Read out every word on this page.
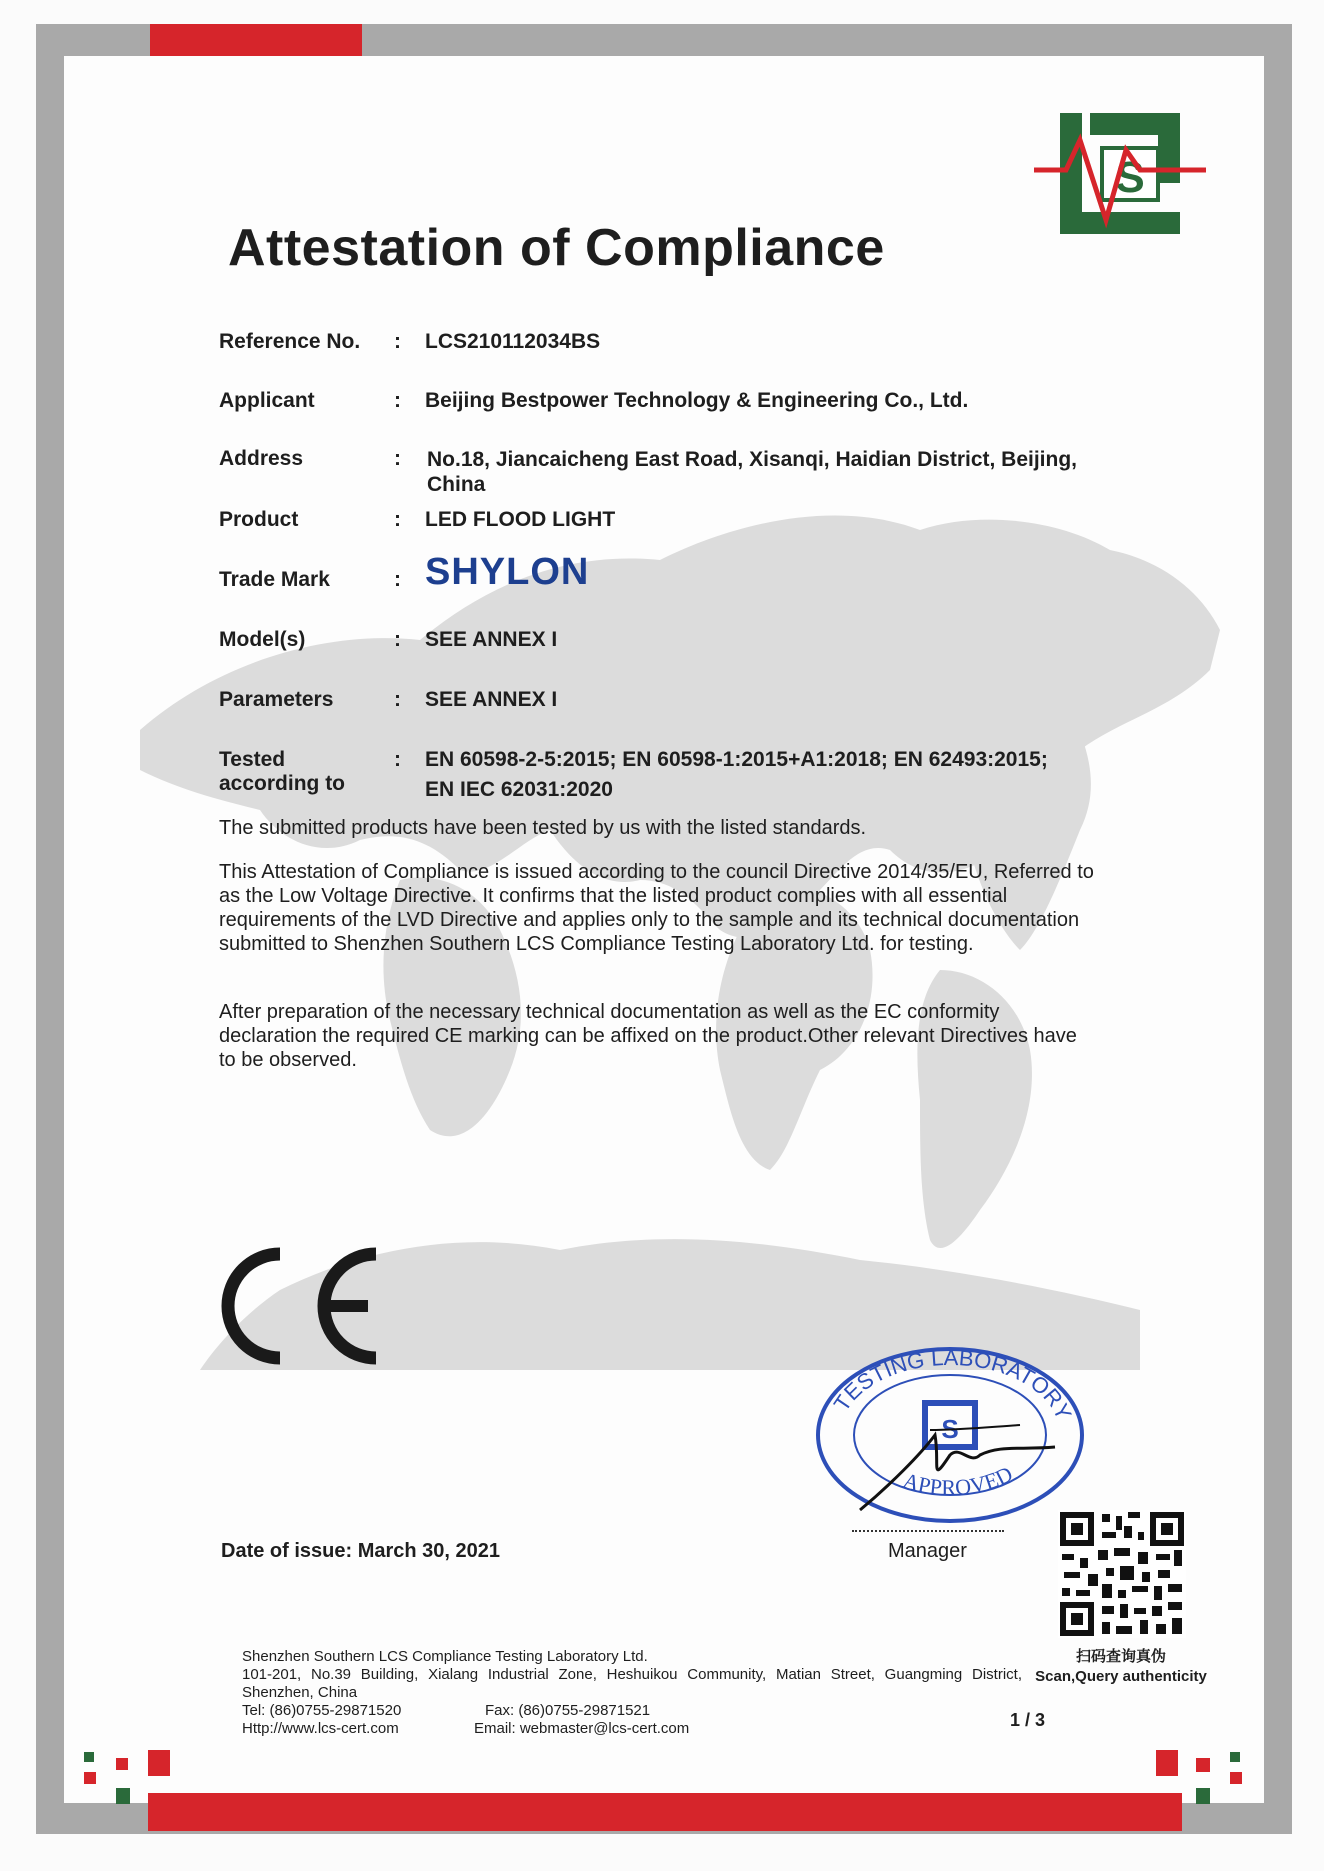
S
Attestation of Compliance
Reference No.	: LCS210112034BS
Applicant	: Beijing Bestpower Technology & Engineering Co., Ltd.
Address	: No.18, Jiancaicheng East Road, Xisanqi, Haidian District, Beijing, China
Product	: LED FLOOD LIGHT
Trade Mark	: SHYLON
Model(s)	: SEE ANNEX I
Parameters	: SEE ANNEX I
Tested according to
: EN 60598-2-5:2015; EN 60598-1:2015+A1:2018; EN 62493:2015; EN IEC 62031:2020
The submitted products have been tested by us with the listed standards.
This Attestation of Compliance is issued according to the council Directive 2014/35/EU, Referred to as the Low Voltage Directive. It confirms that the listed product complies with all essential requirements of the LVD Directive and applies only to the sample and its technical documentation submitted to Shenzhen Southern LCS Compliance Testing Laboratory Ltd. for testing.
After preparation of the necessary technical documentation as well as the EC conformity declaration the required CE marking can be affixed on the product.Other relevant Directives have to be observed.
TESTING LABORATORY
APPROVED
S
Date of issue: March 30, 2021	Manager
扫码查询真伪
Scan,Query authenticity
Shenzhen Southern LCS Compliance Testing Laboratory Ltd.
101-201, No.39 Building, Xialang Industrial Zone, Heshuikou Community, Matian Street, Guangming District, Shenzhen, China
Tel: (86)0755-29871520	Fax: (86)0755-29871521
Http://www.lcs-cert.com	Email: webmaster@lcs-cert.com	1 / 3
